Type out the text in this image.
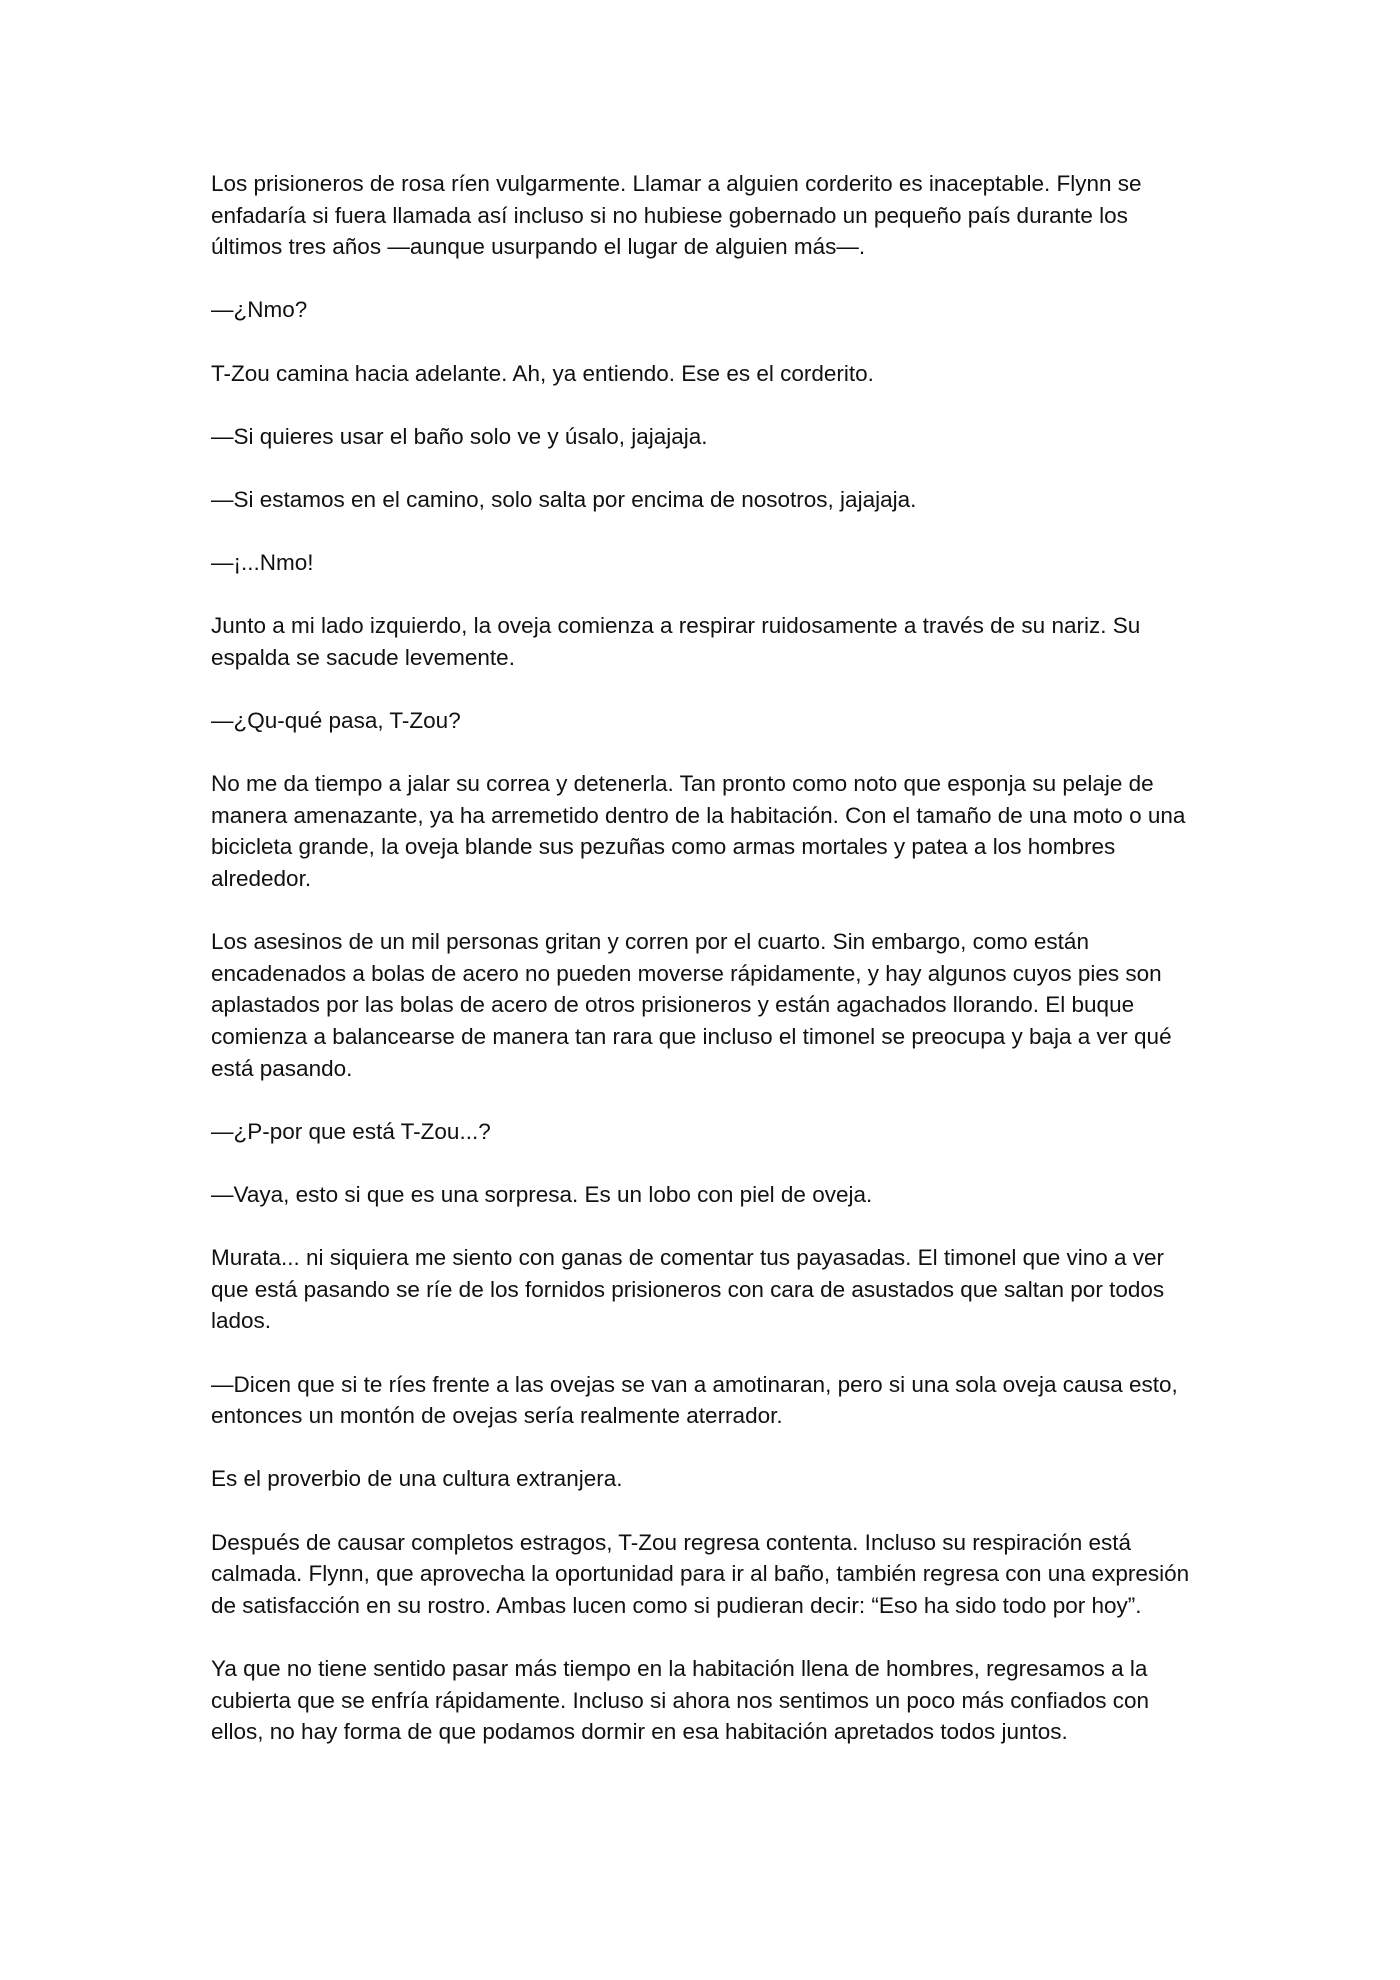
Los prisioneros de rosa ríen vulgarmente. Llamar a alguien corderito es inaceptable. Flynn se enfadaría si fuera llamada así incluso si no hubiese gobernado un pequeño país durante los últimos tres años —aunque usurpando el lugar de alguien más—.

—¿Nmo?

T-Zou camina hacia adelante. Ah, ya entiendo. Ese es el corderito.

—Si quieres usar el baño solo ve y úsalo, jajajaja.

—Si estamos en el camino, solo salta por encima de nosotros, jajajaja.

—¡...Nmo!

Junto a mi lado izquierdo, la oveja comienza a respirar ruidosamente a través de su nariz. Su espalda se sacude levemente.

—¿Qu-qué pasa, T-Zou?

No me da tiempo a jalar su correa y detenerla. Tan pronto como noto que esponja su pelaje de manera amenazante, ya ha arremetido dentro de la habitación. Con el tamaño de una moto o una bicicleta grande, la oveja blande sus pezuñas como armas mortales y patea a los hombres alrededor.

Los asesinos de un mil personas gritan y corren por el cuarto. Sin embargo, como están encadenados a bolas de acero no pueden moverse rápidamente, y hay algunos cuyos pies son aplastados por las bolas de acero de otros prisioneros y están agachados llorando. El buque comienza a balancearse de manera tan rara que incluso el timonel se preocupa y baja a ver qué está pasando.

—¿P-por que está T-Zou...?

—Vaya, esto si que es una sorpresa. Es un lobo con piel de oveja.

Murata... ni siquiera me siento con ganas de comentar tus payasadas. El timonel que vino a ver que está pasando se ríe de los fornidos prisioneros con cara de asustados que saltan por todos lados.

—Dicen que si te ríes frente a las ovejas se van a amotinaran, pero si una sola oveja causa esto, entonces un montón de ovejas sería realmente aterrador.

Es el proverbio de una cultura extranjera.

Después de causar completos estragos, T-Zou regresa contenta. Incluso su respiración está calmada. Flynn, que aprovecha la oportunidad para ir al baño, también regresa con una expresión de satisfacción en su rostro. Ambas lucen como si pudieran decir: “Eso ha sido todo por hoy”.

Ya que no tiene sentido pasar más tiempo en la habitación llena de hombres, regresamos a la cubierta que se enfría rápidamente. Incluso si ahora nos sentimos un poco más confiados con ellos, no hay forma de que podamos dormir en esa habitación apretados todos juntos.
